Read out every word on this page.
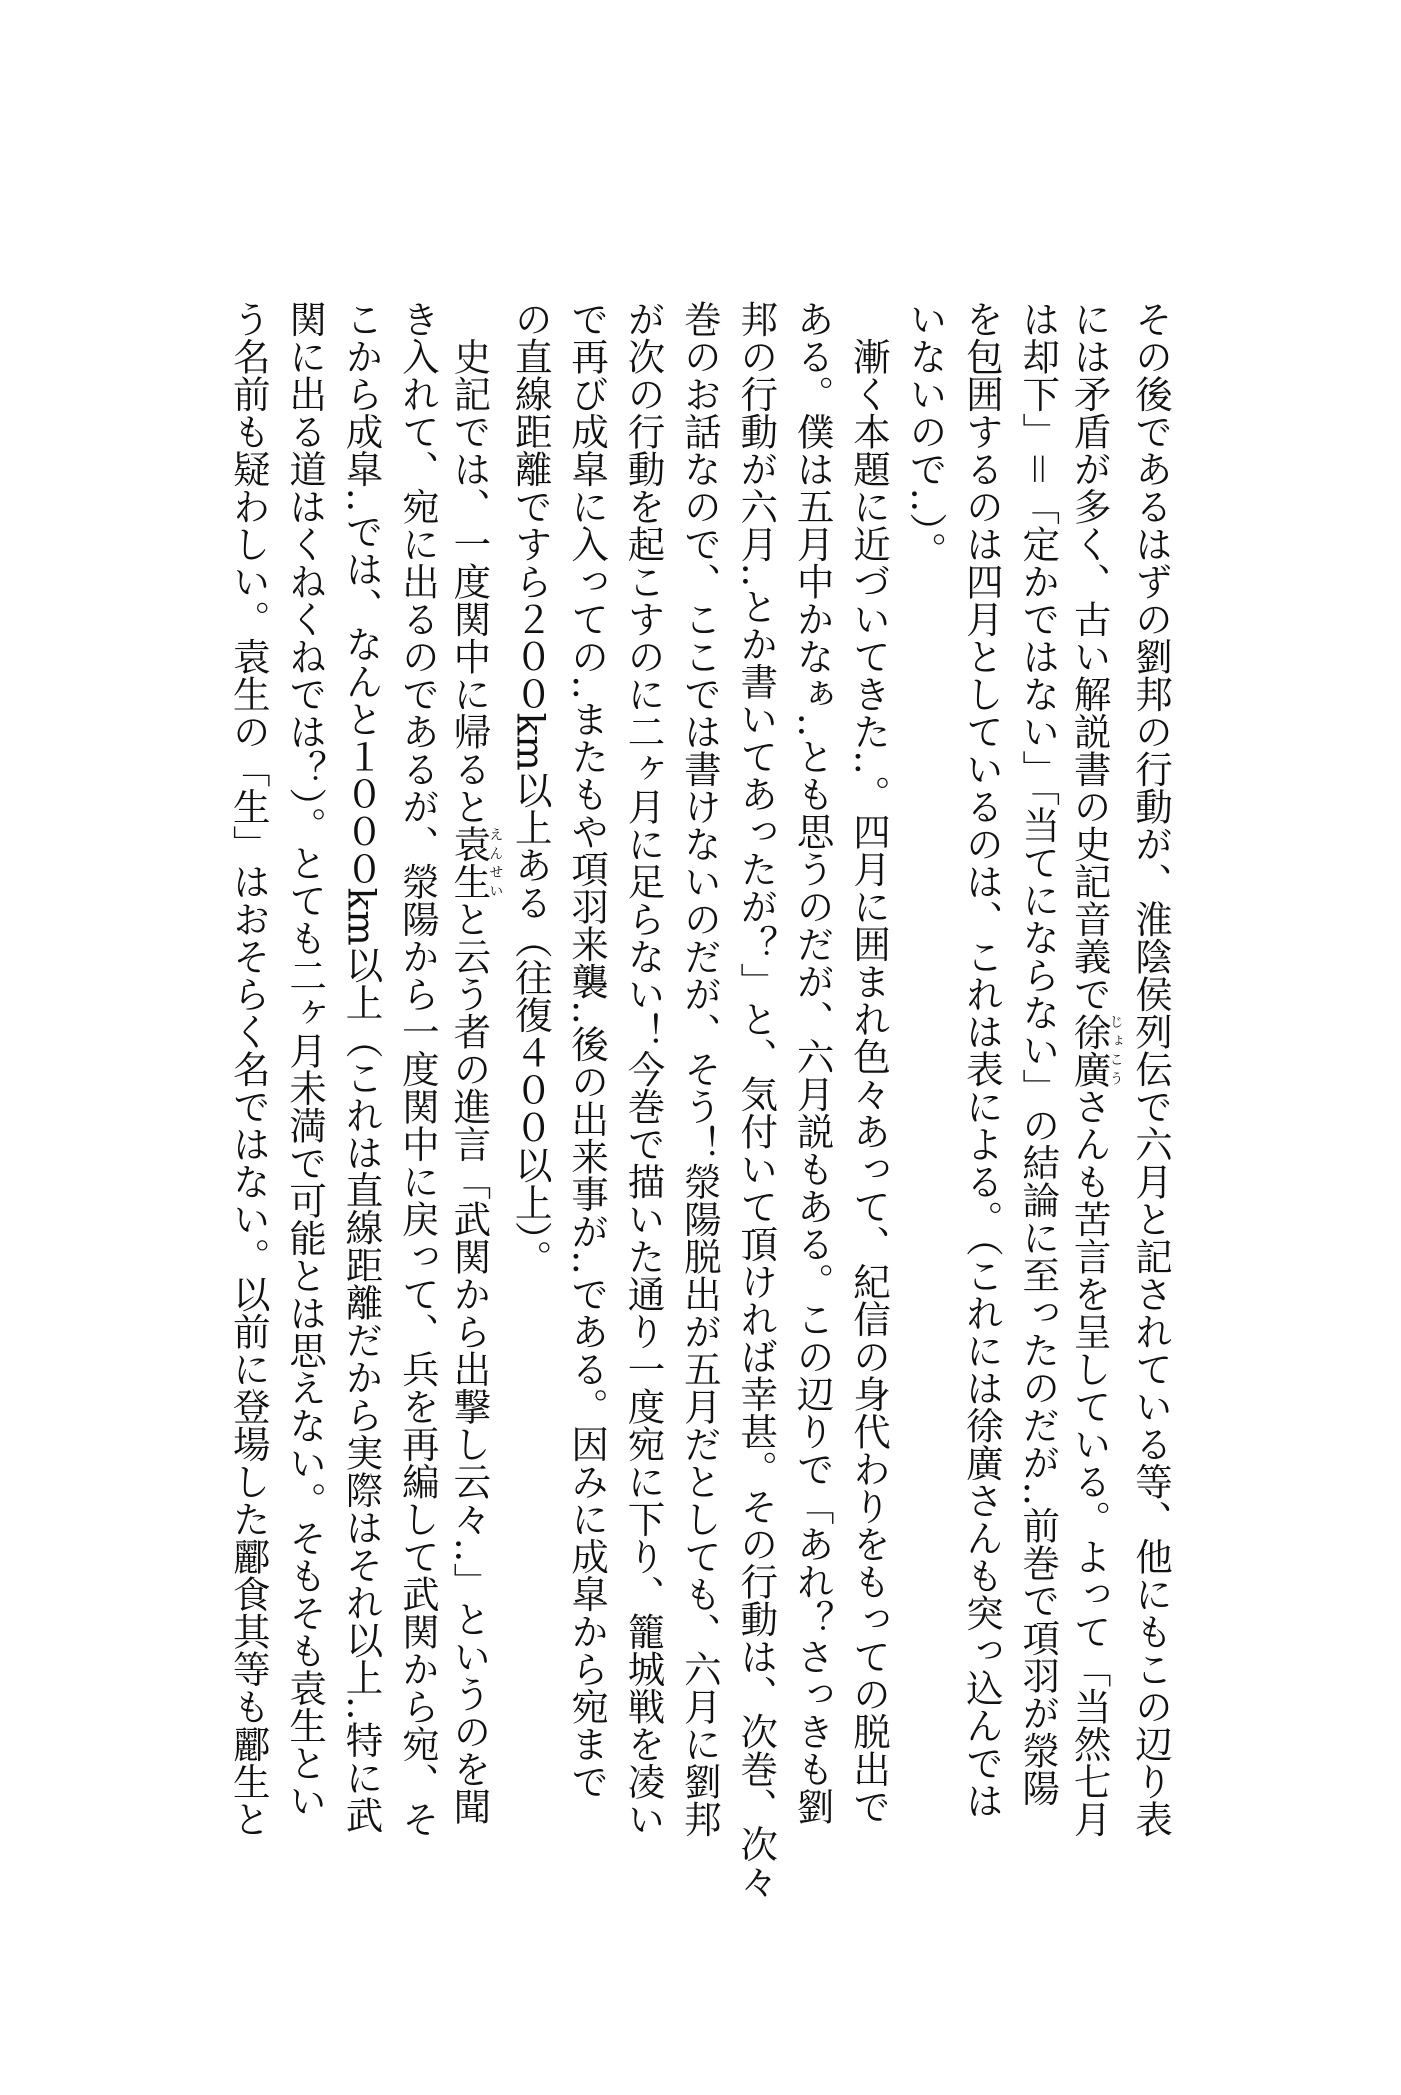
その後であるはずの劉邦の行動が、淮陰侯列伝で六月と記されている等、他にもこの辺り表

には矛盾が多く、古い解説書の史記音義で徐廣じょこうさんも苦言を呈している。よって「当然七月

は却下」＝「定かではない」「当てにならない」の結論に至ったのだが‥前巻で項羽が滎陽

を包囲するのは四月としているのは、これは表による。（これには徐廣さんも突っ込んでは

いないので‥）。

　漸く本題に近づいてきた‥。四月に囲まれ色々あって、紀信の身代わりをもっての脱出で

ある。僕は五月中かなぁ‥とも思うのだが、六月説もある。この辺りで「あれ？さっきも劉

邦の行動が六月‥とか書いてあったが？」と、気付いて頂ければ幸甚。その行動は、次巻、次々

巻のお話なので、ここでは書けないのだが、そう！滎陽脱出が五月だとしても、六月に劉邦

が次の行動を起こすのに二ヶ月に足らない！今巻で描いた通り一度宛に下り、籠城戦を凌い

で再び成皐に入っての‥またもや項羽来襲‥後の出来事が‥である。因みに成皐から宛まで

の直線距離ですら２００km以上ある（往復４００以上）。

　史記では、一度関中に帰ると袁生えんせいと云う者の進言「武関から出撃し云々‥」というのを聞

き入れて、宛に出るのであるが、滎陽から一度関中に戻って、兵を再編して武関から宛、そ

こから成皐‥では、なんと１０００km以上（これは直線距離だから実際はそれ以上‥特に武

関に出る道はくねくねでは？）。とても二ヶ月未満で可能とは思えない。そもそも袁生とい

う名前も疑わしい。袁生の「生」はおそらく名ではない。以前に登場した酈食其等も酈生と
